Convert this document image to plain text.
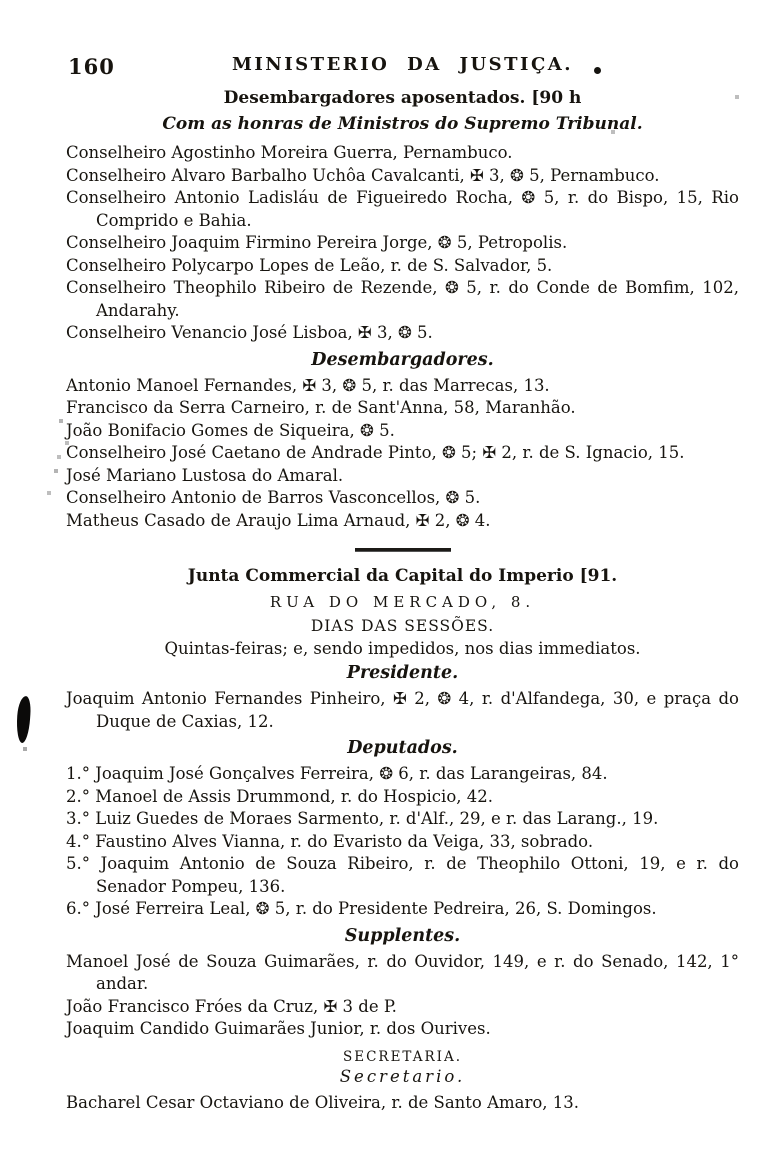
160	MINISTERIO DA JUSTIÇA.
Desembargadores aposentados. [90 h
Com as honras de Ministros do Supremo Tribunal.

Conselheiro Agostinho Moreira Guerra, Pernambuco.

Conselheiro Alvaro Barbalho Uchôa Cavalcanti, ✠ 3, ❂ 5, Pernambuco.

Conselheiro Antonio Ladisláu de Figueiredo Rocha, ❂ 5, r. do Bispo, 15, Rio Comprido e Bahia.

Conselheiro Joaquim Firmino Pereira Jorge, ❂ 5, Petropolis.

Conselheiro Polycarpo Lopes de Leão, r. de S. Salvador, 5.

Conselheiro Theophilo Ribeiro de Rezende, ❂ 5, r. do Conde de Bomfim, 102, Andarahy.

Conselheiro Venancio José Lisboa, ✠ 3, ❂ 5.

Desembargadores.

Antonio Manoel Fernandes, ✠ 3, ❂ 5, r. das Marrecas, 13.

Francisco da Serra Carneiro, r. de Sant'Anna, 58, Maranhão.

João Bonifacio Gomes de Siqueira, ❂ 5.

Conselheiro José Caetano de Andrade Pinto, ❂ 5; ✠ 2, r. de S. Ignacio, 15.

José Mariano Lustosa do Amaral.

Conselheiro Antonio de Barros Vasconcellos, ❂ 5.

Matheus Casado de Araujo Lima Arnaud, ✠ 2, ❂ 4.

Junta Commercial da Capital do Imperio [91.
RUA DO MERCADO, 8.
DIAS DAS SESSÕES.
Quintas-feiras; e, sendo impedidos, nos dias immediatos.
Presidente.

Joaquim Antonio Fernandes Pinheiro, ✠ 2, ❂ 4, r. d'Alfandega, 30, e praça do Duque de Caxias, 12.

Deputados.

1.° Joaquim José Gonçalves Ferreira, ❂ 6, r. das Larangeiras, 84.

2.° Manoel de Assis Drummond, r. do Hospicio, 42.

3.° Luiz Guedes de Moraes Sarmento, r. d'Alf., 29, e r. das Larang., 19.

4.° Faustino Alves Vianna, r. do Evaristo da Veiga, 33, sobrado.

5.° Joaquim Antonio de Souza Ribeiro, r. de Theophilo Ottoni, 19, e r. do Senador Pompeu, 136.

6.° José Ferreira Leal, ❂ 5, r. do Presidente Pedreira, 26, S. Domingos.

Supplentes.

Manoel José de Souza Guimarães, r. do Ouvidor, 149, e r. do Senado, 142, 1° andar.

João Francisco Fróes da Cruz, ✠ 3 de P.

Joaquim Candido Guimarães Junior, r. dos Ourives.

SECRETARIA.
Secretario.

Bacharel Cesar Octaviano de Oliveira, r. de Santo Amaro, 13.
